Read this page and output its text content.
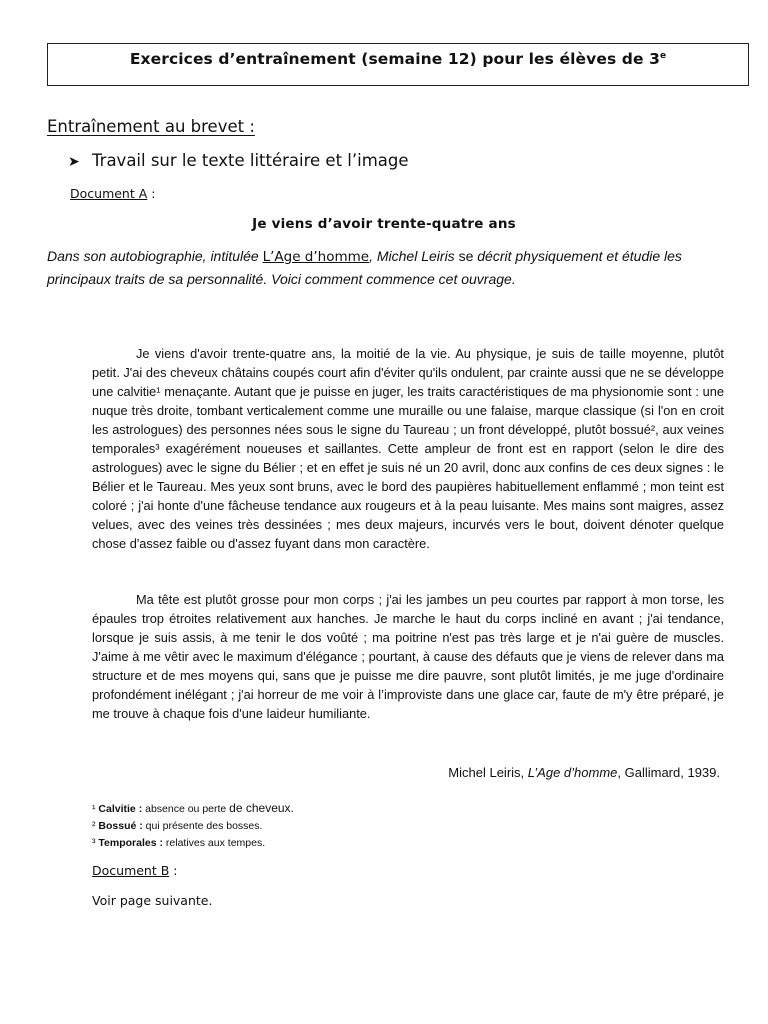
Exercices d’entraînement (semaine 12) pour les élèves de 3e
Entraînement au brevet :
➤ Travail sur le texte littéraire et l’image
Document A :
Je viens d’avoir trente-quatre ans
Dans son autobiographie, intitulée L’Age d’homme, Michel Leiris se décrit physiquement et étudie les principaux traits de sa personnalité. Voici comment commence cet ouvrage.

Je viens d'avoir trente-quatre ans, la moitié de la vie. Au physique, je suis de taille moyenne, plutôt petit. J'ai des cheveux châtains coupés court afin d'éviter qu'ils ondulent, par crainte aussi que ne se développe une calvitie¹ menaçante. Autant que je puisse en juger, les traits caractéristiques de ma physionomie sont : une nuque très droite, tombant verticalement comme une muraille ou une falaise, marque classique (si l'on en croit les astrologues) des personnes nées sous le signe du Taureau ; un front développé, plutôt bossué², aux veines temporales³ exagérément noueuses et saillantes. Cette ampleur de front est en rapport (selon le dire des astrologues) avec le signe du Bélier ; et en effet je suis né un 20 avril, donc aux confins de ces deux signes : le Bélier et le Taureau. Mes yeux sont bruns, avec le bord des paupières habituellement enflammé ; mon teint est coloré ; j'ai honte d'une fâcheuse tendance aux rougeurs et à la peau luisante. Mes mains sont maigres, assez velues, avec des veines très dessinées ; mes deux majeurs, incurvés vers le bout, doivent dénoter quelque chose d'assez faible ou d'assez fuyant dans mon caractère.

Ma tête est plutôt grosse pour mon corps ; j'ai les jambes un peu courtes par rapport à mon torse, les épaules trop étroites relativement aux hanches. Je marche le haut du corps incliné en avant ; j'ai tendance, lorsque je suis assis, à me tenir le dos voûté ; ma poitrine n'est pas très large et je n'ai guère de muscles. J'aime à me vêtir avec le maximum d'élégance ; pourtant, à cause des défauts que je viens de relever dans ma structure et de mes moyens qui, sans que je puisse me dire pauvre, sont plutôt limités, je me juge d'ordinaire profondément inélégant ; j'ai horreur de me voir à l’improviste dans une glace car, faute de m'y être préparé, je me trouve à chaque fois d'une laideur humiliante.

Michel Leiris, L’Age d’homme, Gallimard, 1939.
¹ Calvitie : absence ou perte de cheveux.
² Bossué : qui présente des bosses.
³ Temporales : relatives aux tempes.
Document B :
Voir page suivante.
